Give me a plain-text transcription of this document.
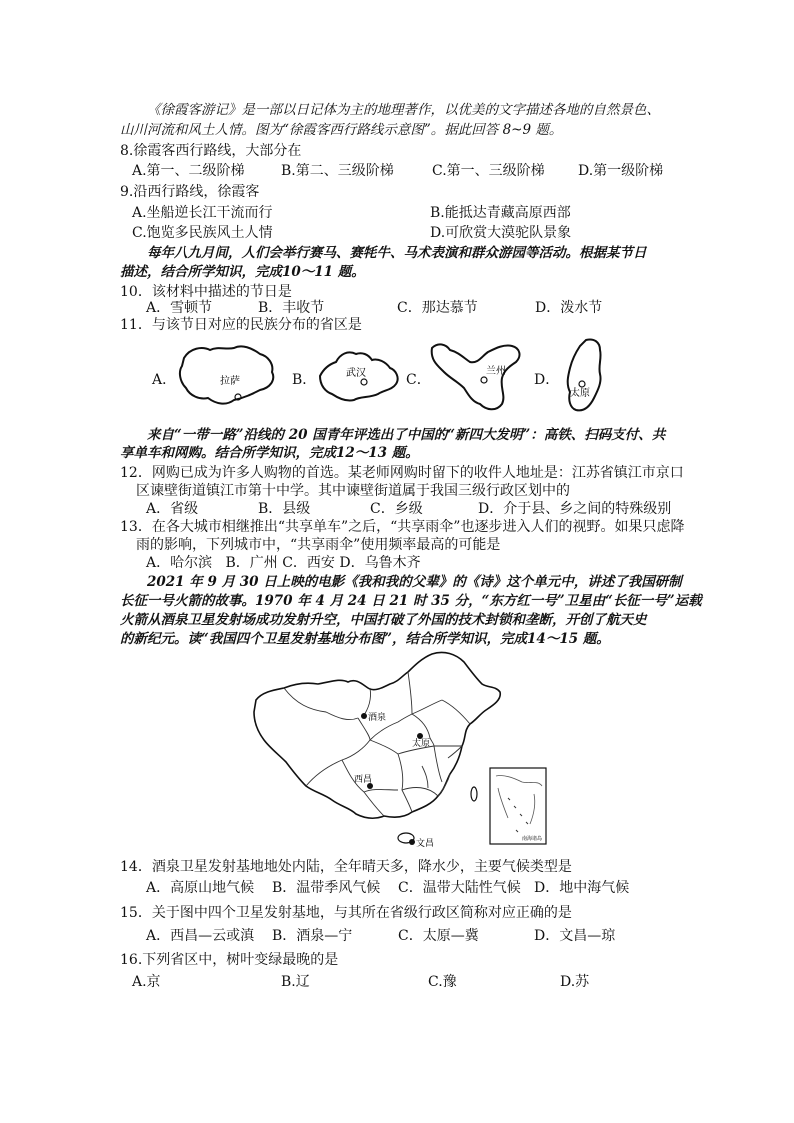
《徐霞客游记》是一部以日记体为主的地理著作，以优美的文字描述各地的自然景色、
山川河流和风土人情。图为“徐霞客西行路线示意图”。据此回答 8~9 题。
8.徐霞客西行路线，大部分在
A.第一、二级阶梯	B.第二、三级阶梯	C.第一、三级阶梯 D.第一级阶梯
9.沿西行路线，徐霞客
A.坐船逆长江干流而行	B.能抵达青藏高原西部
C.饱览多民族风土人情	D.可欣赏大漠驼队景象
每年八九月间，人们会举行赛马、赛牦牛、马术表演和群众游园等活动。根据某节日
描述，结合所学知识，完成10～11 题。
10．该材料中描述的节日是
A．雪顿节	B．丰收节	C．那达慕节	D．泼水节
11．与该节日对应的民族分布的省区是
A．	拉萨	B．	武汉	C．
兰州
D．
太原
来自“一带一路”沿线的 20 国青年评选出了中国的“新四大发明”：高铁、扫码支付、共
享单车和网购。结合所学知识，完成12～13 题。
12．网购已成为许多人购物的首选。某老师网购时留下的收件人地址是：江苏省镇江市京口
区谏壁街道镇江市第十中学。其中谏壁街道属于我国三级行政区划中的
A．省级	B．县级	C．乡级	D．介于县、乡之间的特殊级别
13．在各大城市相继推出“共享单车”之后，“共享雨伞”也逐步进入人们的视野。如果只虑降
雨的影响，下列城市中，“共享雨伞”使用频率最高的可能是
A．哈尔滨   B．广州 C．西安 D．乌鲁木齐
2021 年 9 月 30 日上映的电影《我和我的父辈》的《诗》这个单元中，讲述了我国研制
长征一号火箭的故事。1970 年 4 月 24 日 21 时 35 分，“东方红一号”卫星由“长征一号”运载
火箭从酒泉卫星发射场成功发射升空，中国打破了外国的技术封锁和垄断，开创了航天史
的新纪元。读“我国四个卫星发射基地分布图”，结合所学知识，完成14～15 题。
酒泉
太原
西昌
文昌	南海诸岛
14．酒泉卫星发射基地地处内陆，全年晴天多，降水少，主要气候类型是
A．高原山地气候 B．温带季风气候 C．温带大陆性气候 D．地中海气候
15．关于图中四个卫星发射基地，与其所在省级行政区简称对应正确的是
A．西昌—云或滇 B．酒泉—宁	C．太原—冀	D．文昌—琼
16.下列省区中，树叶变绿最晚的是
A.京	B.辽	C.豫	D.苏
